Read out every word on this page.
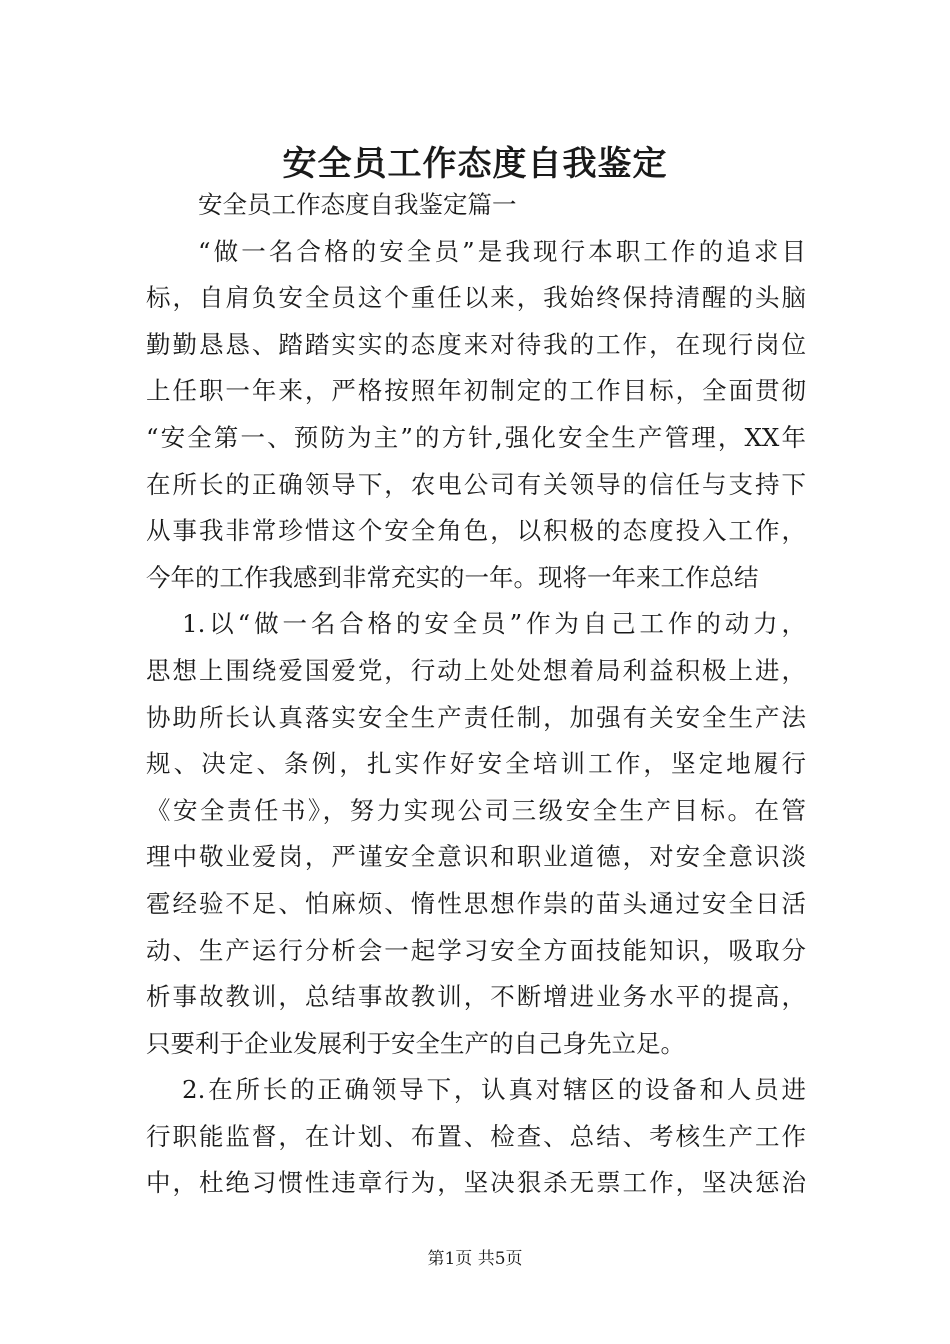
安全员工作态度自我鉴定
安全员工作态度自我鉴定篇一
“做一名合格的安全员”是我现行本职工作的追求目
标，自肩负安全员这个重任以来，我始终保持清醒的头脑
勤勤恳恳、踏踏实实的态度来对待我的工作，在现行岗位
上任职一年来，严格按照年初制定的工作目标，全面贯彻
“安全第一、预防为主”的方针,强化安全生产管理，XX年
在所长的正确领导下，农电公司有关领导的信任与支持下
从事我非常珍惜这个安全角色，以积极的态度投入工作，
今年的工作我感到非常充实的一年。现将一年来工作总结
1.以“做一名合格的安全员”作为自己工作的动力，
思想上围绕爱国爱党，行动上处处想着局利益积极上进，
协助所长认真落实安全生产责任制，加强有关安全生产法
规、决定、条例，扎实作好安全培训工作，坚定地履行
《安全责任书》，努力实现公司三级安全生产目标。在管
理中敬业爱岗，严谨安全意识和职业道德，对安全意识淡
雹经验不足、怕麻烦、惰性思想作祟的苗头通过安全日活
动、生产运行分析会一起学习安全方面技能知识，吸取分
析事故教训，总结事故教训，不断增进业务水平的提高，
只要利于企业发展利于安全生产的自己身先立足。
2.在所长的正确领导下，认真对辖区的设备和人员进
行职能监督，在计划、布置、检查、总结、考核生产工作
中，杜绝习惯性违章行为，坚决狠杀无票工作，坚决惩治
第1页 共5页
